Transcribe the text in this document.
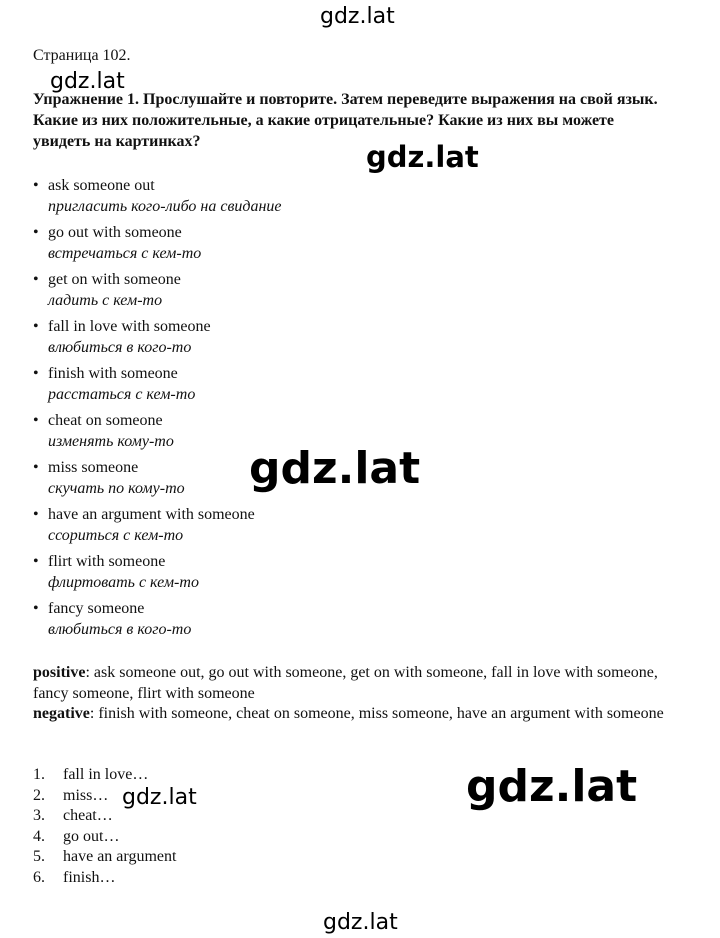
gdz.lat
Страница 102.
Упражнение 1. Прослушайте и повторите. Затем переведите выражения на свой язык. Какие из них положительные, а какие отрицательные? Какие из них вы можете увидеть на картинках?
• ask someone out
пригласить кого-либо на свидание
• go out with someone
встречаться с кем-то
• get on with someone
ладить с кем-то
• fall in love with someone
влюбиться в кого-то
• finish with someone
расстаться с кем-то
• cheat on someone
изменять кому-то
• miss someone
скучать по кому-то
• have an argument with someone
ссориться с кем-то
• flirt with someone
флиртовать с кем-то
• fancy someone
влюбиться в кого-то
positive: ask someone out, go out with someone, get on with someone, fall in love with someone, fancy someone, flirt with someone
negative: finish with someone, cheat on someone, miss someone, have an argument with someone
1. fall in love…
2. miss…
3. cheat…
4. go out…
5. have an argument
6. finish…
gdz.lat
gdz.lat
gdz.lat
gdz.lat	gdz.lat
gdz.lat
